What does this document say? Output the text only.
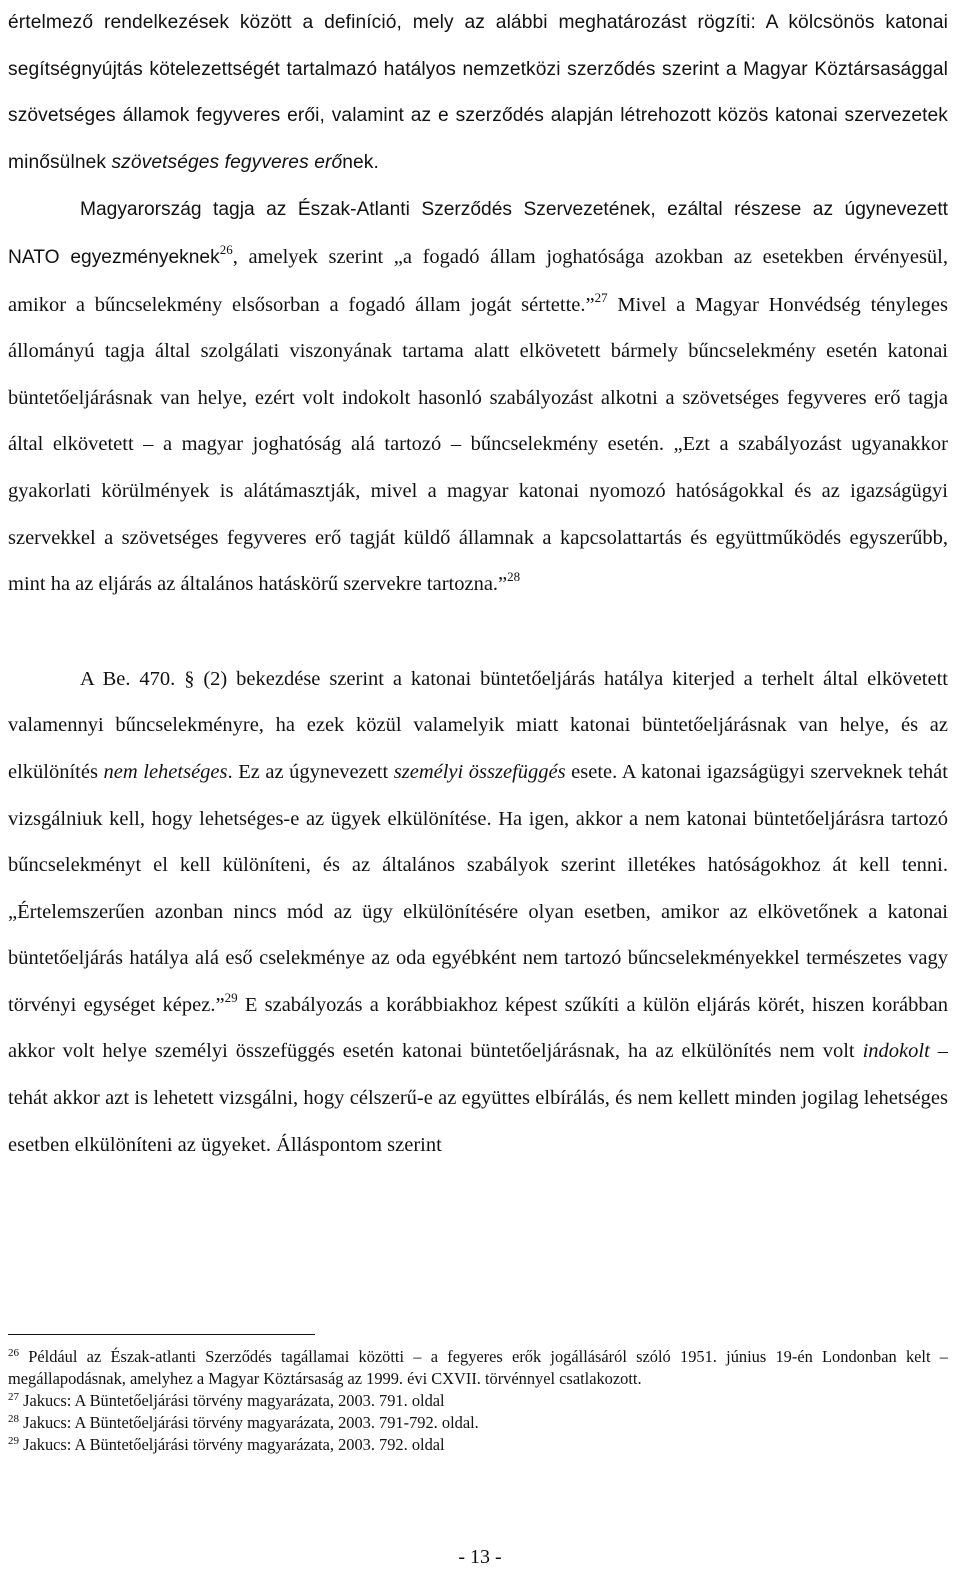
értelmező rendelkezések között a definíció, mely az alábbi meghatározást rögzíti: A kölcsönös katonai segítségnyújtás kötelezettségét tartalmazó hatályos nemzetközi szerződés szerint a Magyar Köztársasággal szövetséges államok fegyveres erői, valamint az e szerződés alapján létrehozott közös katonai szervezetek minősülnek szövetséges fegyveres erőnek.

Magyarország tagja az Észak-Atlanti Szerződés Szervezetének, ezáltal részese az úgynevezett NATO egyezményeknek$^{26}$, amelyek szerint „a fogadó állam joghatósága azokban az esetekben érvényesül, amikor a bűncselekmény elsősorban a fogadó állam jogát sértette.”$^{27}$ Mivel a Magyar Honvédség tényleges állományú tagja által szolgálati viszonyának tartama alatt elkövetett bármely bűncselekmény esetén katonai büntetőeljárásnak van helye, ezért volt indokolt hasonló szabályozást alkotni a szövetséges fegyveres erő tagja által elkövetett – a magyar joghatóság alá tartozó – bűncselekmény esetén. „Ezt a szabályozást ugyanakkor gyakorlati körülmények is alátámasztják, mivel a magyar katonai nyomozó hatóságokkal és az igazságügyi szervekkel a szövetséges fegyveres erő tagját küldő államnak a kapcsolattartás és együttműködés egyszerűbb, mint ha az eljárás az általános hatáskörű szervekre tartozna.”$^{28}$

A Be. 470. § (2) bekezdése szerint a katonai büntetőeljárás hatálya kiterjed a terhelt által elkövetett valamennyi bűncselekményre, ha ezek közül valamelyik miatt katonai büntetőeljárásnak van helye, és az elkülönítés nem lehetséges. Ez az úgynevezett személyi összefüggés esete. A katonai igazságügyi szerveknek tehát vizsgálniuk kell, hogy lehetséges-e az ügyek elkülönítése. Ha igen, akkor a nem katonai büntetőeljárásra tartozó bűncselekményt el kell különíteni, és az általános szabályok szerint illetékes hatóságokhoz át kell tenni. „Értelemszerűen azonban nincs mód az ügy elkülönítésére olyan esetben, amikor az elkövetőnek a katonai büntetőeljárás hatálya alá eső cselekménye az oda egyébként nem tartozó bűncselekményekkel természetes vagy törvényi egységet képez.”$^{29}$ E szabályozás a korábbiakhoz képest szűkíti a külön eljárás körét, hiszen korábban akkor volt helye személyi összefüggés esetén katonai büntetőeljárásnak, ha az elkülönítés nem volt indokolt – tehát akkor azt is lehetett vizsgálni, hogy célszerű-e az együttes elbírálás, és nem kellett minden jogilag lehetséges esetben elkülöníteni az ügyeket. Álláspontom szerint

$^{26}$ Például az Észak-atlanti Szerződés tagállamai közötti – a fegyeres erők jogállásáról szóló 1951. június 19-én Londonban kelt – megállapodásnak, amelyhez a Magyar Köztársaság az 1999. évi CXVII. törvénnyel csatlakozott.

$^{27}$ Jakucs: A Büntetőeljárási törvény magyarázata, 2003. 791. oldal

$^{28}$ Jakucs: A Büntetőeljárási törvény magyarázata, 2003. 791-792. oldal.

$^{29}$ Jakucs: A Büntetőeljárási törvény magyarázata, 2003. 792. oldal

- 13 -
